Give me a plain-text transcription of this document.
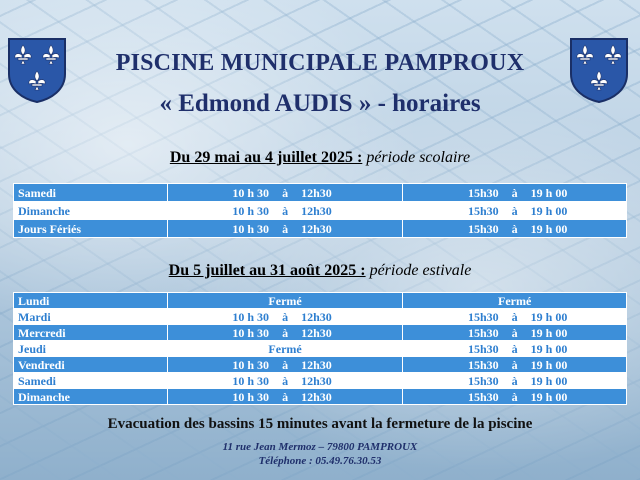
PISCINE MUNICIPALE PAMPROUX
« Edmond AUDIS » - horaires
Du 29 mai au 4 juillet 2025 : période scolaire
Samedi	10 h 30 à 12h30	15h30 à 19 h 00
Dimanche	10 h 30 à 12h30	15h30 à 19 h 00
Jours Fériés	10 h 30 à 12h30	15h30 à 19 h 00
Du 5 juillet au 31 août 2025 : période estivale
Lundi	Fermé	Fermé
Mardi	10 h 30 à 12h30	15h30 à 19 h 00
Mercredi	10 h 30 à 12h30	15h30 à 19 h 00
Jeudi	Fermé	15h30 à 19 h 00
Vendredi	10 h 30 à 12h30	15h30 à 19 h 00
Samedi	10 h 30 à 12h30	15h30 à 19 h 00
Dimanche	10 h 30 à 12h30	15h30 à 19 h 00
Evacuation des bassins 15 minutes avant la fermeture de la piscine
11 rue Jean Mermoz – 79800 PAMPROUX
Téléphone : 05.49.76.30.53
